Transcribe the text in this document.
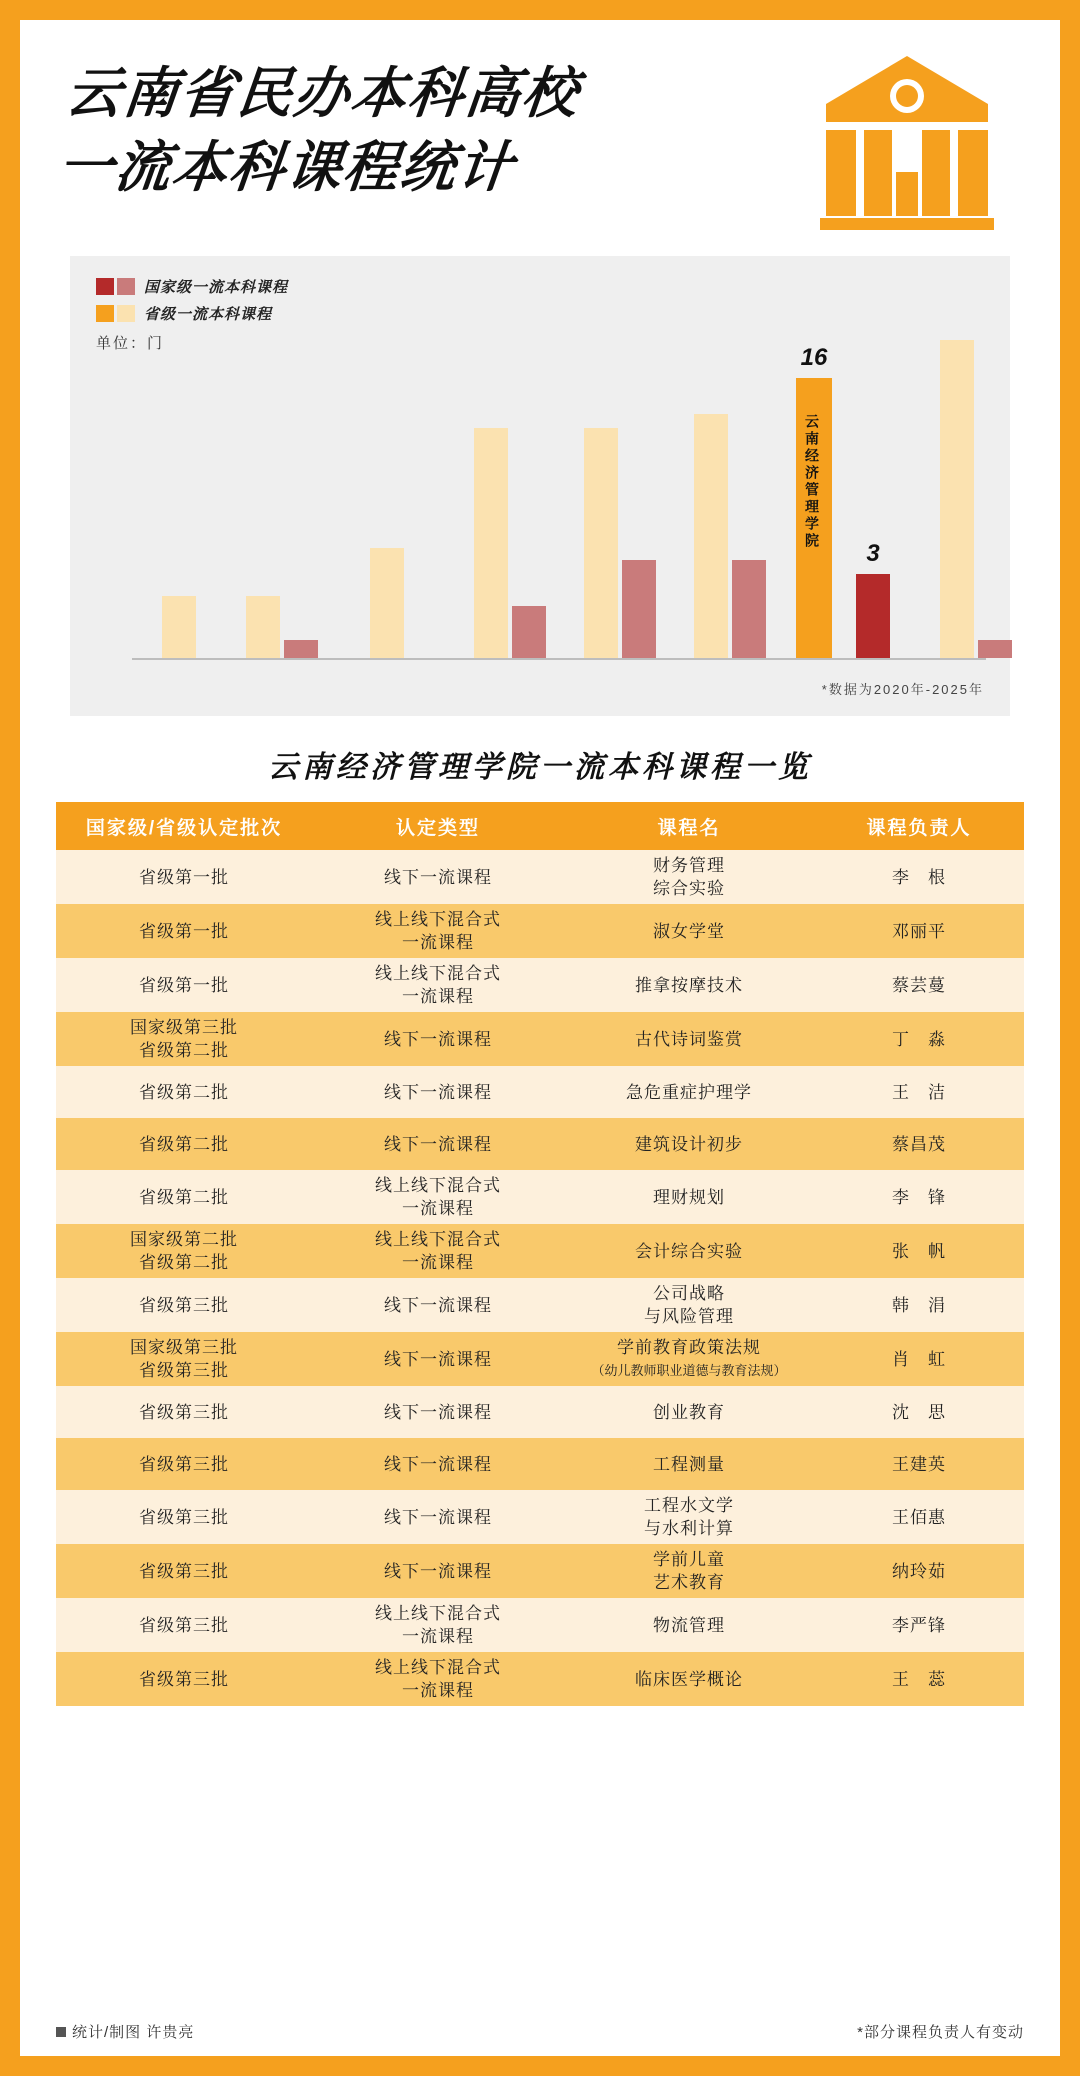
云南省民办本科高校
一流本科课程统计
国家级一流本科课程
省级一流本科课程
单位：门
16
云南经济管理学院
3
*数据为2020年-2025年
云南经济管理学院一流本科课程一览
国家级/省级认定批次	认定类型	课程名	课程负责人
省级第一批	线下一流课程	财务管理
综合实验	李　根
省级第一批	线上线下混合式
一流课程	淑女学堂	邓丽平
省级第一批	线上线下混合式
一流课程	推拿按摩技术	蔡芸蔓
国家级第三批
省级第二批	线下一流课程	古代诗词鉴赏	丁　淼
省级第二批	线下一流课程	急危重症护理学	王　洁
省级第二批	线下一流课程	建筑设计初步	蔡昌茂
省级第二批	线上线下混合式
一流课程	理财规划	李　锋
国家级第二批
省级第二批	线上线下混合式
一流课程	会计综合实验	张　帆
省级第三批	线下一流课程	公司战略
与风险管理	韩　涓
国家级第三批
省级第三批	线下一流课程	学前教育政策法规
（幼儿教师职业道德与教育法规）	肖　虹
省级第三批	线下一流课程	创业教育	沈　思
省级第三批	线下一流课程	工程测量	王建英
省级第三批	线下一流课程	工程水文学
与水利计算	王佰惠
省级第三批	线下一流课程	学前儿童
艺术教育	纳玲茹
省级第三批	线上线下混合式
一流课程	物流管理	李严锋
省级第三批	线上线下混合式
一流课程	临床医学概论	王　蕊
统计/制图 许贵亮	*部分课程负责人有变动
